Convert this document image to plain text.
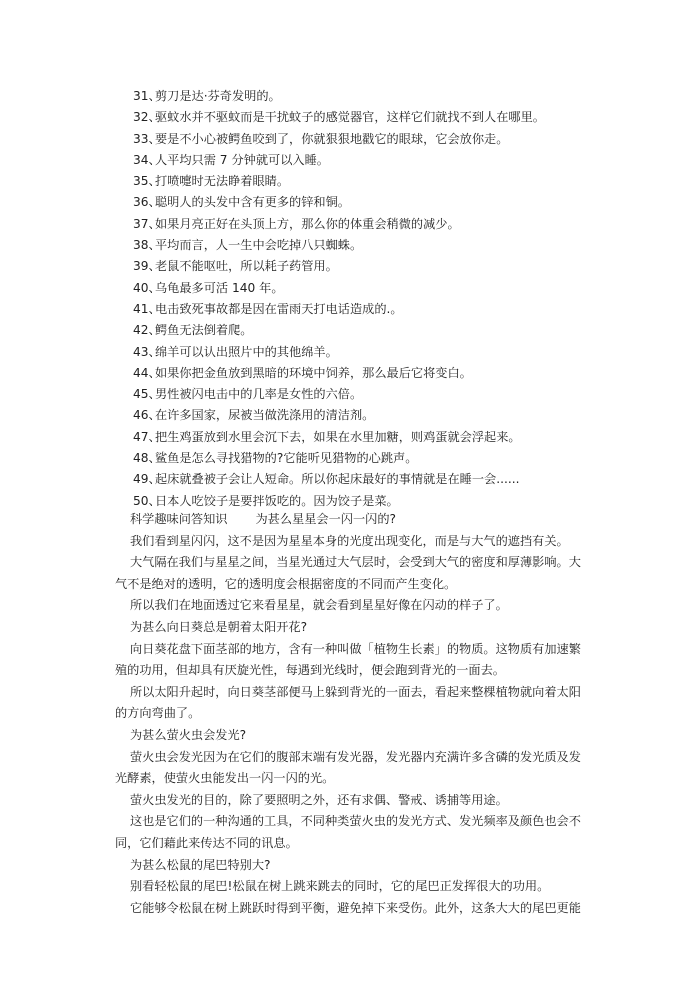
31、剪刀是达·芬奇发明的。
32、驱蚊水并不驱蚊而是干扰蚊子的感觉器官，这样它们就找不到人在哪里。
33、要是不小心被鳄鱼咬到了，你就狠狠地戳它的眼球，它会放你走。
34、人平均只需 7 分钟就可以入睡。
35、打喷嚏时无法睁着眼睛。
36、聪明人的头发中含有更多的锌和铜。
37、如果月亮正好在头顶上方，那么你的体重会稍微的减少。
38、平均而言，人一生中会吃掉八只蜘蛛。
39、老鼠不能呕吐，所以耗子药管用。
40、乌龟最多可活 140 年。
41、电击致死事故都是因在雷雨天打电话造成的.。
42、鳄鱼无法倒着爬。
43、绵羊可以认出照片中的其他绵羊。
44、如果你把金鱼放到黑暗的环境中饲养，那么最后它将变白。
45、男性被闪电击中的几率是女性的六倍。
46、在许多国家，尿被当做洗涤用的清洁剂。
47、把生鸡蛋放到水里会沉下去，如果在水里加糖，则鸡蛋就会浮起来。
48、鲨鱼是怎么寻找猎物的?它能听见猎物的心跳声。
49、起床就叠被子会让人短命。所以你起床最好的事情就是在睡一会......
50、日本人吃饺子是要拌饭吃的。因为饺子是菜。
科学趣味问答知识 为甚么星星会一闪一闪的?
我们看到星闪闪，这不是因为星星本身的光度出现变化，而是与大气的遮挡有关。
大气隔在我们与星星之间，当星光通过大气层时，会受到大气的密度和厚薄影响。大
气不是绝对的透明，它的透明度会根据密度的不同而产生变化。
所以我们在地面透过它来看星星，就会看到星星好像在闪动的样子了。
为甚么向日葵总是朝着太阳开花?
向日葵花盘下面茎部的地方，含有一种叫做「植物生长素」的物质。这物质有加速繁
殖的功用，但却具有厌旋光性，每遇到光线时，便会跑到背光的一面去。
所以太阳升起时，向日葵茎部便马上躲到背光的一面去，看起来整棵植物就向着太阳
的方向弯曲了。
为甚么萤火虫会发光?
萤火虫会发光因为在它们的腹部末端有发光器，发光器内充满许多含磷的发光质及发
光酵素，使萤火虫能发出一闪一闪的光。
萤火虫发光的目的，除了要照明之外，还有求偶、警戒、诱捕等用途。
这也是它们的一种沟通的工具，不同种类萤火虫的发光方式、发光频率及颜色也会不
同，它们藉此来传达不同的讯息。
为甚么松鼠的尾巴特别大?
别看轻松鼠的尾巴!松鼠在树上跳来跳去的同时，它的尾巴正发挥很大的功用。
它能够令松鼠在树上跳跃时得到平衡，避免掉下来受伤。此外，这条大大的尾巴更能
